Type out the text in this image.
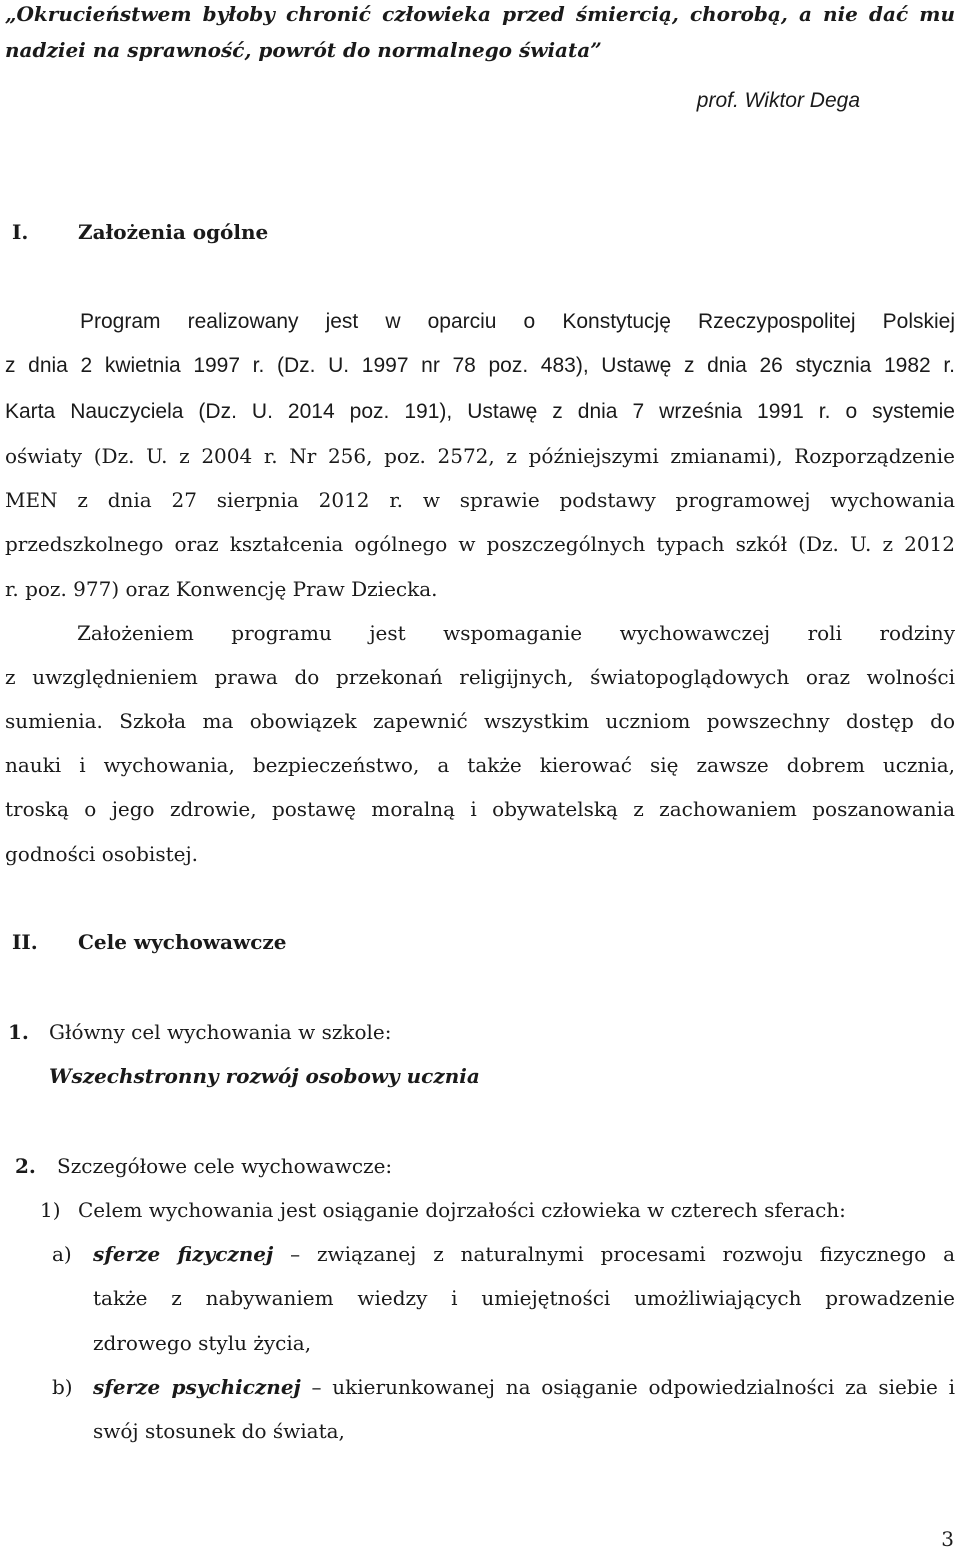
„Okrucieństwem byłoby chronić człowieka przed śmiercią, chorobą, a nie dać mu
nadziei na sprawność, powrót do normalnego świata”
prof. Wiktor Dega
I. Założenia ogólne
Program realizowany jest w oparciu o Konstytucję Rzeczypospolitej Polskiej
z dnia 2 kwietnia 1997 r. (Dz. U. 1997 nr 78 poz. 483), Ustawę z dnia 26 stycznia 1982 r.
Karta Nauczyciela (Dz. U. 2014 poz. 191), Ustawę z dnia 7 września 1991 r. o systemie
oświaty (Dz. U. z 2004 r. Nr 256, poz. 2572, z późniejszymi zmianami), Rozporządzenie
MEN z dnia 27 sierpnia 2012 r. w sprawie podstawy programowej wychowania
przedszkolnego oraz kształcenia ogólnego w poszczególnych typach szkół (Dz. U. z 2012
r. poz. 977) oraz Konwencję Praw Dziecka.
Założeniem programu jest wspomaganie wychowawczej roli rodziny
z uwzględnieniem prawa do przekonań religijnych, światopoglądowych oraz wolności
sumienia. Szkoła ma obowiązek zapewnić wszystkim uczniom powszechny dostęp do
nauki i wychowania, bezpieczeństwo, a także kierować się zawsze dobrem ucznia,
troską o jego zdrowie, postawę moralną i obywatelską z zachowaniem poszanowania
godności osobistej.
II. Cele wychowawcze
1. Główny cel wychowania w szkole:
Wszechstronny rozwój osobowy ucznia
2. Szczegółowe cele wychowawcze:
1) Celem wychowania jest osiąganie dojrzałości człowieka w czterech sferach:
a)	sferze fizycznej – związanej z naturalnymi procesami rozwoju fizycznego a
także z nabywaniem wiedzy i umiejętności umożliwiających prowadzenie
zdrowego stylu życia,
b)	sferze psychicznej – ukierunkowanej na osiąganie odpowiedzialności za siebie i
swój stosunek do świata,
3
